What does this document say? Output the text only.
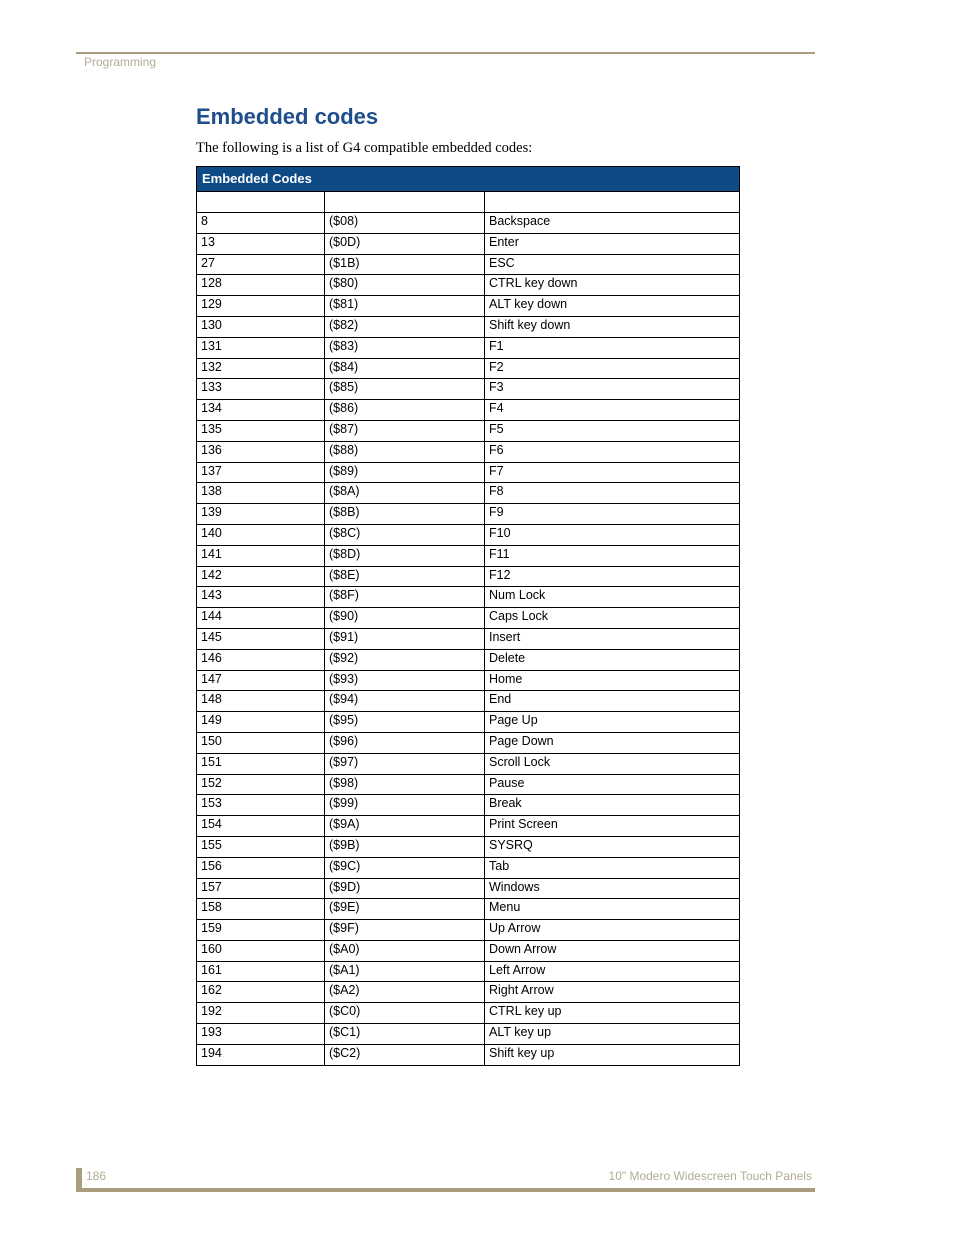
Programming
Embedded codes

The following is a list of G4 compatible embedded codes:

Embedded Codes		

8	($08)	Backspace
13	($0D)	Enter
27	($1B)	ESC
128	($80)	CTRL key down
129	($81)	ALT key down
130	($82)	Shift key down
131	($83)	F1
132	($84)	F2
133	($85)	F3
134	($86)	F4
135	($87)	F5
136	($88)	F6
137	($89)	F7
138	($8A)	F8
139	($8B)	F9
140	($8C)	F10
141	($8D)	F11
142	($8E)	F12
143	($8F)	Num Lock
144	($90)	Caps Lock
145	($91)	Insert
146	($92)	Delete
147	($93)	Home
148	($94)	End
149	($95)	Page Up
150	($96)	Page Down
151	($97)	Scroll Lock
152	($98)	Pause
153	($99)	Break
154	($9A)	Print Screen
155	($9B)	SYSRQ
156	($9C)	Tab
157	($9D)	Windows
158	($9E)	Menu
159	($9F)	Up Arrow
160	($A0)	Down Arrow
161	($A1)	Left Arrow
162	($A2)	Right Arrow
192	($C0)	CTRL key up
193	($C1)	ALT key up
194	($C2)	Shift key up
186	10" Modero Widescreen Touch Panels
